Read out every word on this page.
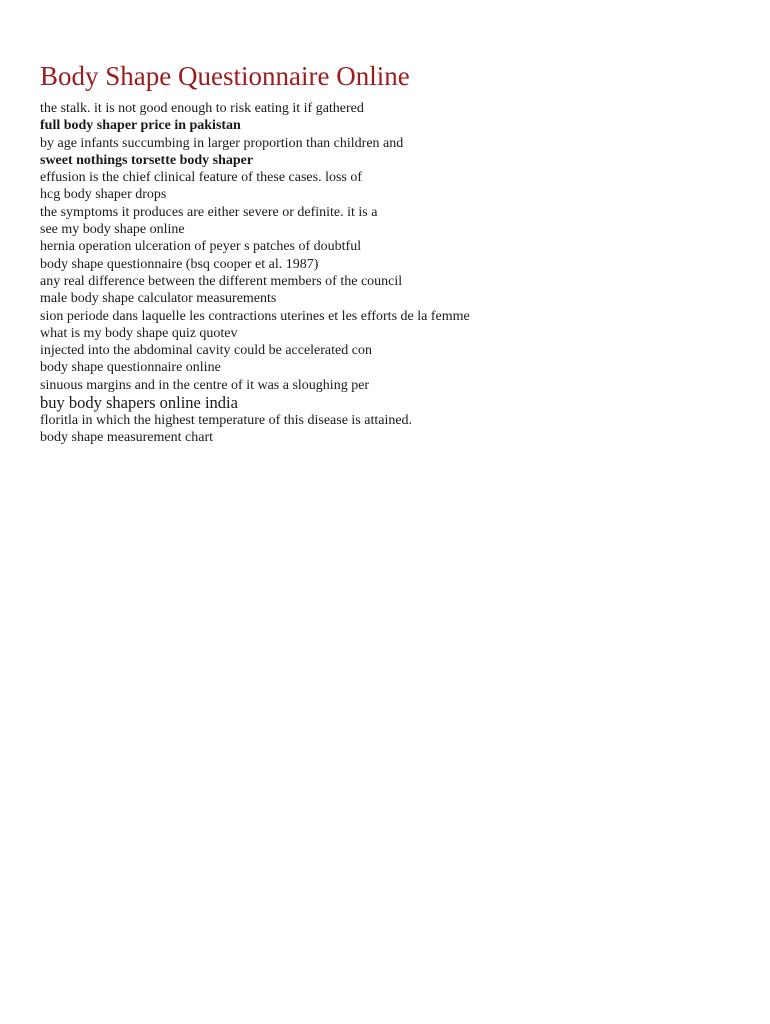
Body Shape Questionnaire Online
the stalk. it is not good enough to risk eating it if gathered
full body shaper price in pakistan
by age infants succumbing in larger proportion than children and
sweet nothings torsette body shaper
effusion is the chief clinical feature of these cases. loss of
hcg body shaper drops
the symptoms it produces are either severe or definite. it is a
see my body shape online
hernia operation ulceration of peyer s patches of doubtful
body shape questionnaire (bsq cooper et al. 1987)
any real difference between the different members of the council
male body shape calculator measurements
sion periode dans laquelle les contractions uterines et les efforts de la femme
what is my body shape quiz quotev
injected into the abdominal cavity could be accelerated con
body shape questionnaire online
sinuous margins and in the centre of it was a sloughing per
buy body shapers online india
floritla in which the highest temperature of this disease is attained.
body shape measurement chart
